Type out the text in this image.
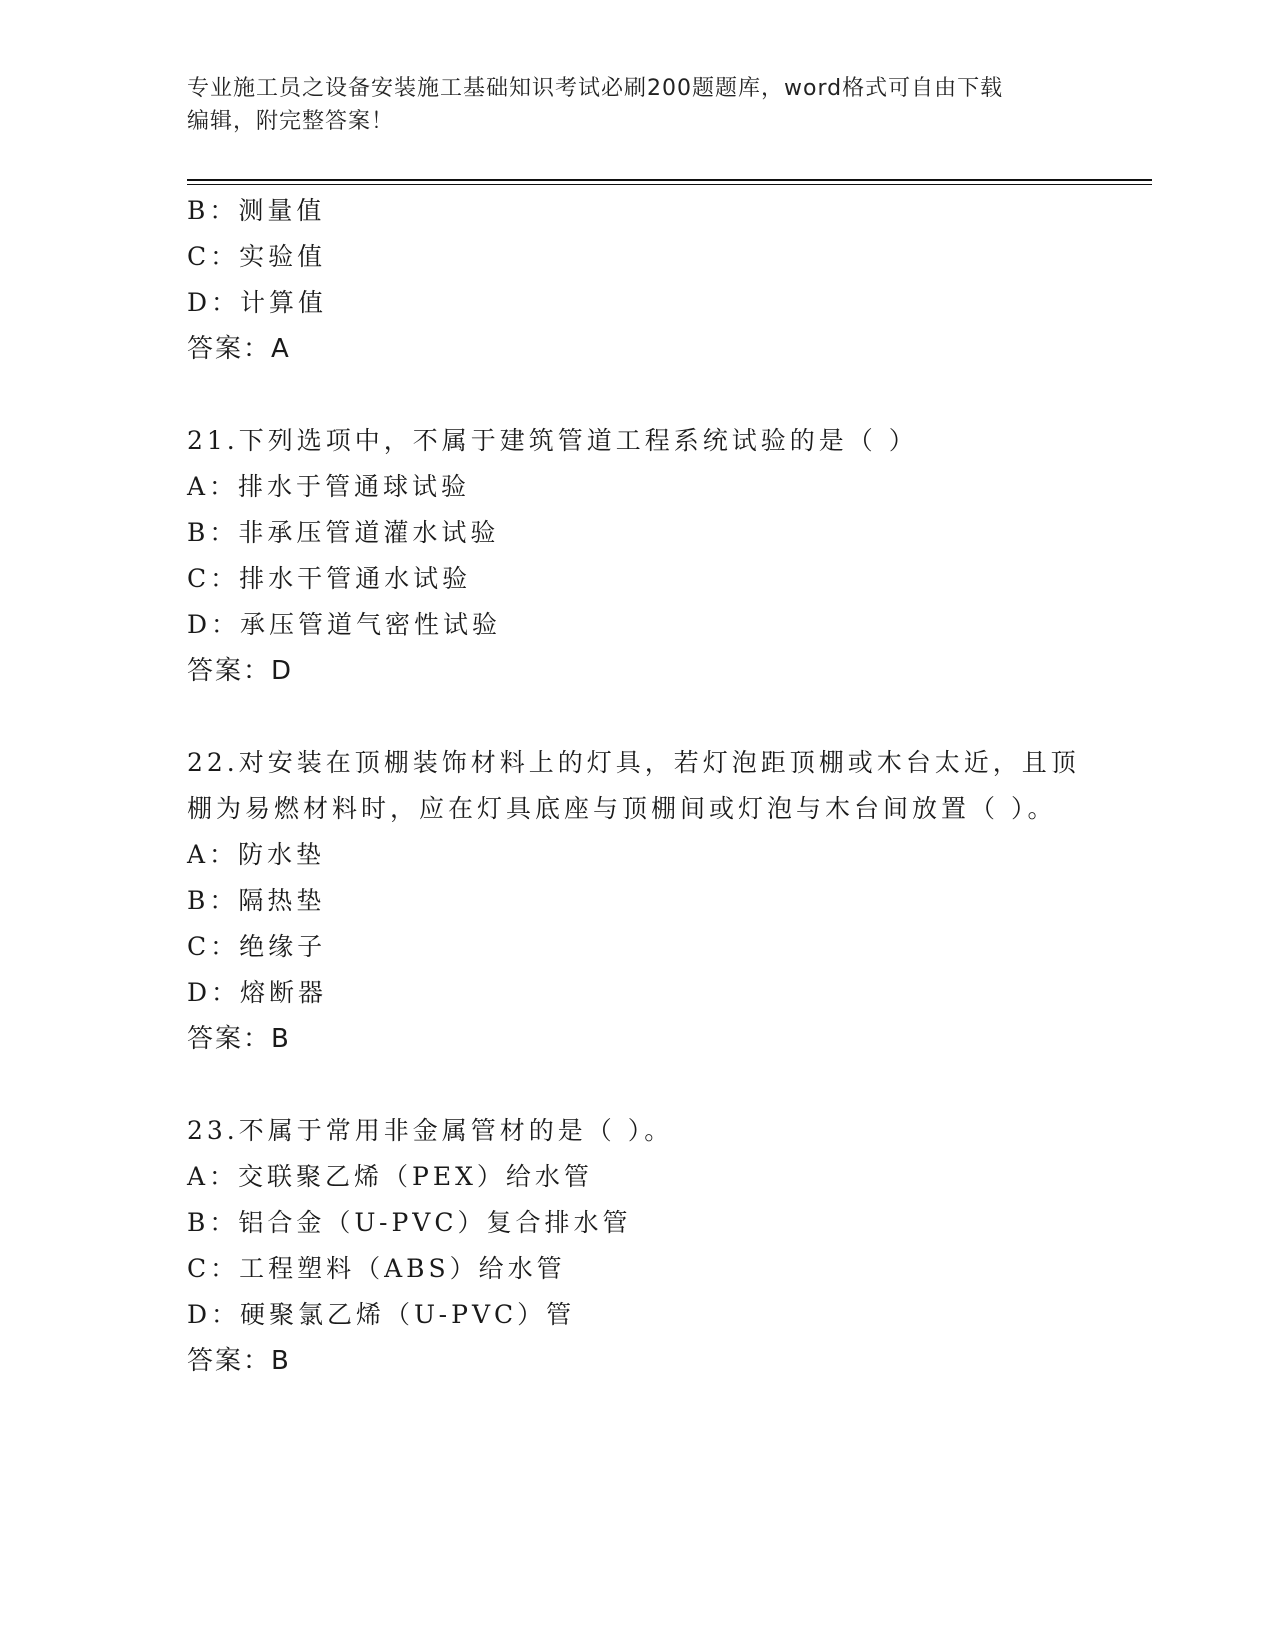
专业施工员之设备安装施工基础知识考试必刷200题题库，word格式可自由下载
编辑，附完整答案！
B：测量值
C：实验值
D：计算值
答案：A
21.下列选项中，不属于建筑管道工程系统试验的是（ ）
A：排水于管通球试验
B：非承压管道灌水试验
C：排水干管通水试验
D：承压管道气密性试验
答案：D
22.对安装在顶棚装饰材料上的灯具，若灯泡距顶棚或木台太近，且顶
棚为易燃材料时，应在灯具底座与顶棚间或灯泡与木台间放置（ ）。
A：防水垫
B：隔热垫
C：绝缘子
D：熔断器
答案：B
23.不属于常用非金属管材的是（ ）。
A：交联聚乙烯（PEX）给水管
B：铝合金（U-PVC）复合排水管
C：工程塑料（ABS）给水管
D：硬聚氯乙烯（U-PVC）管
答案：B
